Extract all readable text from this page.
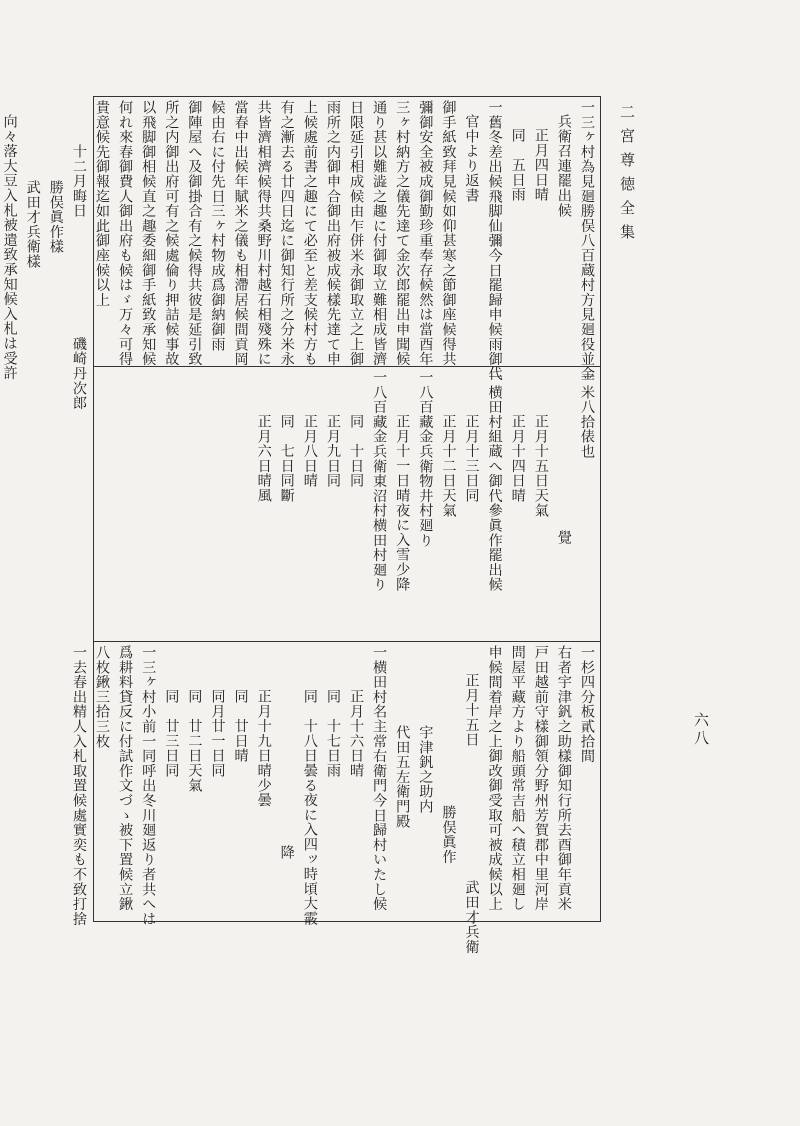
二宮尊徳全集
六八
一三ヶ村為見廻勝俣八百蔵村方見廻役並金
兵衛召連罷出候
正月四日晴
同　五日雨
一舊冬差出候飛脚仙彌今日罷歸申候雨御代
官中より返書
御手紙致拜見候如仰甚寒之節御座候得共
彌御安全被成御勤珍重奉存候然は當酉年
三ヶ村納方之儀先達て金次郎罷出申聞候
通り甚以難澁之趣に付御取立難相成皆濟
日限延引相成候由乍併米永御取立之上御
雨所之内御申合御出府被成候樣先達て申
上候處前書之趣にて必至と差支候村方も
有之漸去る廿四日迄に御知行所之分米永
共皆濟相濟候得共桑野川村越石相殘殊に
當春中出候年賦米之儀も相滯居候間貢岡
候由右に付先日三ヶ村物成爲御納御雨
御陣屋へ及御掛合有之候得共彼是延引致
所之内御出府可有之候處倫り押詰候事故
以飛脚御相候直之趣委細御手紙致承知候
何れ來春御費人御出府も候はゞ万々可得
貴意候先御報迄如此御座候以上
十二月晦日　　　　　　　　磯崎丹次郎
勝俣眞作樣
武田才兵衛樣
向々落大豆入札被遣致承知候入札は受許
一米八拾俵也
覺
正月十五日天氣
正月十四日晴
一横田村組蔵へ御代參眞作罷出候
正月十三日同
正月十二日天氣
一八百藏金兵衛物井村廻り
正月十一日晴夜に入雪少降
一八百藏金兵衛東沼村横田村廻り
同　十日同
正月九日同
正月八日晴
同　七日同斷
正月六日晴風
一杉四分板貳拾間
右者宇津釩之助樣御知行所去酉御年貢米
戸田越前守樣御領分野州芳賀郡中里河岸
問屋平藏方より船頭常吉船へ積立相廻し
申候間着岸之上御改御受取可被成候以上
正月十五日　　　　　　　　　武田才兵衛
勝俣眞作
宇津釩之助内
代田五左衛門殿
一横田村名主常右衛門今日歸村いたし候
正月十六日晴
同　十七日雨
同　十八日曇る夜に入四ッ時頃大霰
降
正月十九日晴少曇
同　廿日晴
同月廿一日同
同　廿二日天氣
同　廿三日同
一三ヶ村小前一同呼出冬川廻返り者共へは
爲耕料貸反に付試作文づゝ被下置候立鍬
八枚鍬三拾三枚
一去春出精人入札取置候處實奕も不致打捨
